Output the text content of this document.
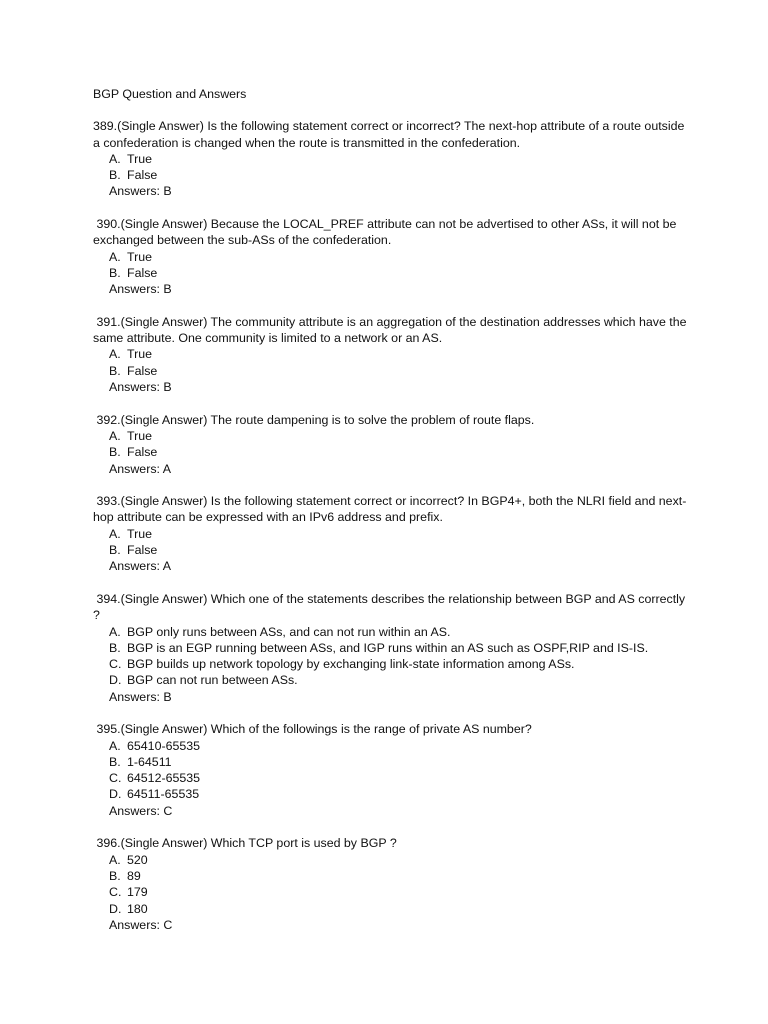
BGP Question and Answers

389.(Single Answer) Is the following statement correct or incorrect? The next-hop attribute of a route outside a confederation is changed when the route is transmitted in the confederation.

A. True
B. False

Answers: B

390.(Single Answer) Because the LOCAL_PREF attribute can not be advertised to other ASs, it will not be exchanged between the sub-ASs of the confederation.

A. True
B. False

Answers: B

391.(Single Answer) The community attribute is an aggregation of the destination addresses which have the same attribute. One community is limited to a network or an AS.

A. True
B. False

Answers: B

392.(Single Answer) The route dampening is to solve the problem of route flaps.

A. True
B. False

Answers: A

393.(Single Answer) Is the following statement correct or incorrect? In BGP4+, both the NLRI field and next-hop attribute can be expressed with an IPv6 address and prefix.

A. True
B. False

Answers: A

394.(Single Answer) Which one of the statements describes the relationship between BGP and AS correctly ?

A. BGP only runs between ASs, and can not run within an AS.
B. BGP is an EGP running between ASs, and IGP runs within an AS such as OSPF,RIP and IS-IS.
C. BGP builds up network topology by exchanging link-state information among ASs.
D. BGP can not run between ASs.

Answers: B

395.(Single Answer) Which of the followings is the range of private AS number?

A. 65410-65535
B. 1-64511
C. 64512-65535
D. 64511-65535

Answers: C

396.(Single Answer) Which TCP port is used by BGP ?

A. 520
B. 89
C. 179
D. 180

Answers: C
